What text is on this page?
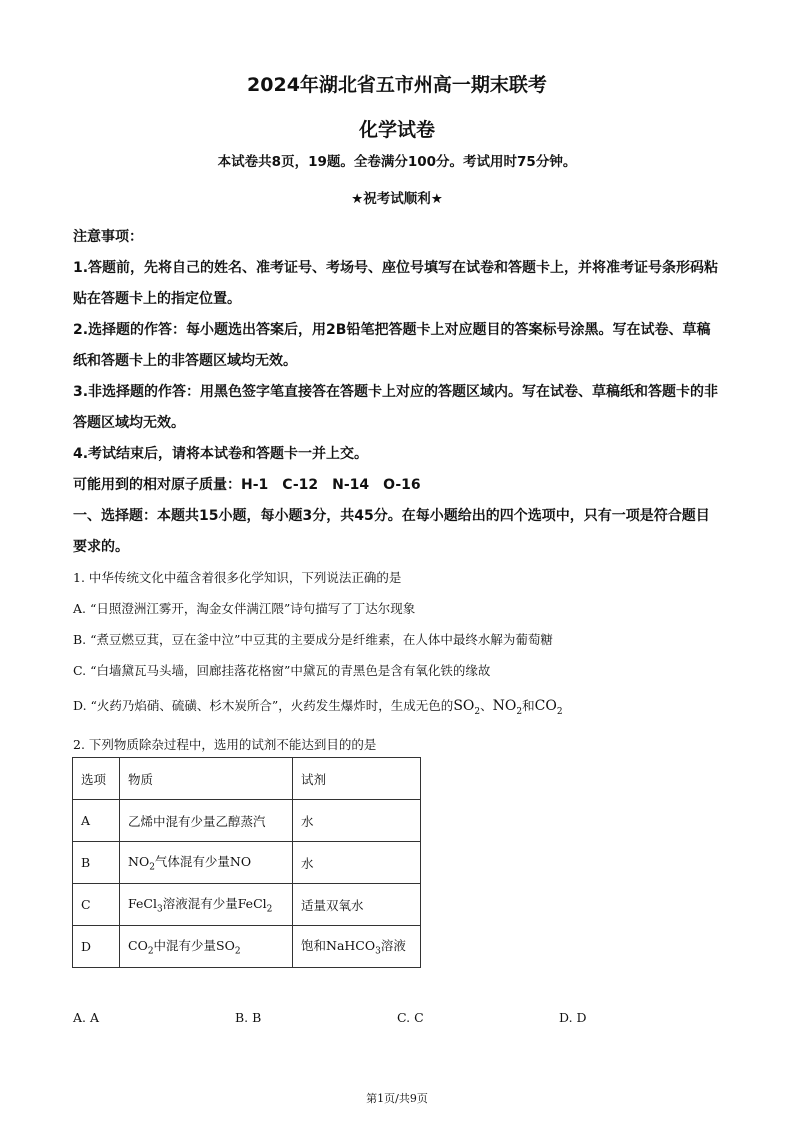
2024年湖北省五市州高一期末联考
化学试卷
本试卷共8页，19题。全卷满分100分。考试用时75分钟。
★祝考试顺利★
注意事项：
1.答题前，先将自己的姓名、准考证号、考场号、座位号填写在试卷和答题卡上，并将准考证号条形码粘贴在答题卡上的指定位置。
2.选择题的作答：每小题选出答案后，用2B铅笔把答题卡上对应题目的答案标号涂黑。写在试卷、草稿纸和答题卡上的非答题区域均无效。
3.非选择题的作答：用黑色签字笔直接答在答题卡上对应的答题区域内。写在试卷、草稿纸和答题卡的非答题区域均无效。
4.考试结束后，请将本试卷和答题卡一并上交。
可能用到的相对原子质量：H-1　C-12　N-14　O-16
一、选择题：本题共15小题，每小题3分，共45分。在每小题给出的四个选项中，只有一项是符合题目要求的。
1. 中华传统文化中蕴含着很多化学知识，下列说法正确的是
A. “日照澄洲江雾开，淘金女伴满江隈”诗句描写了丁达尔现象
B. “煮豆燃豆萁，豆在釜中泣”中豆萁的主要成分是纤维素，在人体中最终水解为葡萄糖
C. “白墙黛瓦马头墙，回廊挂落花格窗”中黛瓦的青黑色是含有氧化铁的缘故
D. “火药乃焰硝、硫磺、杉木炭所合”，火药发生爆炸时，生成无色的$SO_2$、$NO_2$和$CO_2$
2. 下列物质除杂过程中，选用的试剂不能达到目的的是
选项	物质	试剂
A	乙烯中混有少量乙醇蒸汽	水
B	$NO_2$气体混有少量NO	水
C	FeCl$_3$溶液混有少量FeCl$_2$	适量双氧水
D	$CO_2$中混有少量$SO_2$	饱和NaHCO$_3$溶液
A. A	B. B	C. C	D. D
第1页/共9页
